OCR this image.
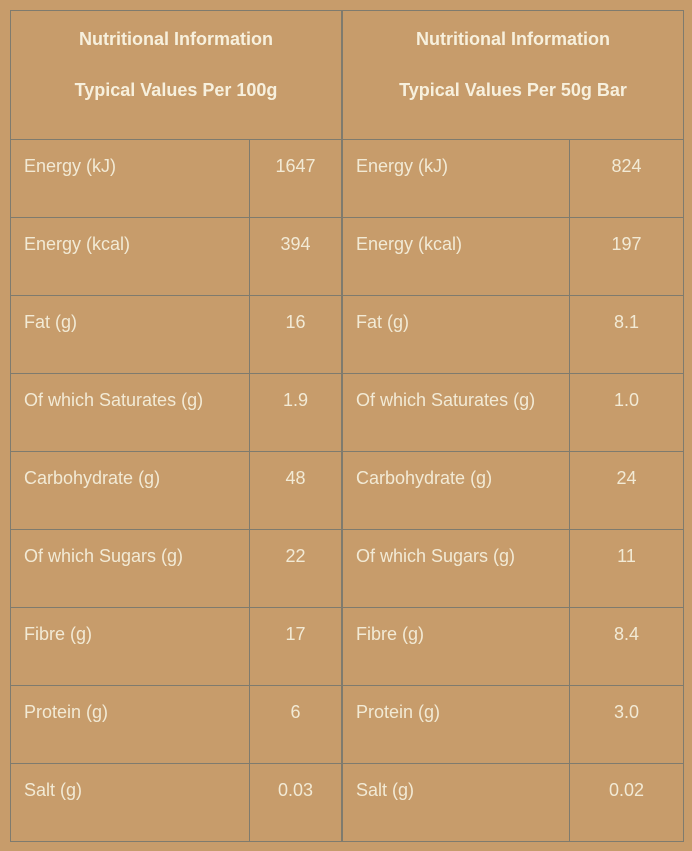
Nutritional Information
Typical Values Per 100g	

Energy (kJ)	1647
Energy (kcal)	394
Fat (g)	16
Of which Saturates (g)	1.9
Carbohydrate (g)	48
Of which Sugars (g)	22
Fibre (g)	17
Protein (g)	6
Salt (g)	0.03
Nutritional Information
Typical Values Per 50g Bar	

Energy (kJ)	824
Energy (kcal)	197
Fat (g)	8.1
Of which Saturates (g)	1.0
Carbohydrate (g)	24
Of which Sugars (g)	11
Fibre (g)	8.4
Protein (g)	3.0
Salt (g)	0.02
